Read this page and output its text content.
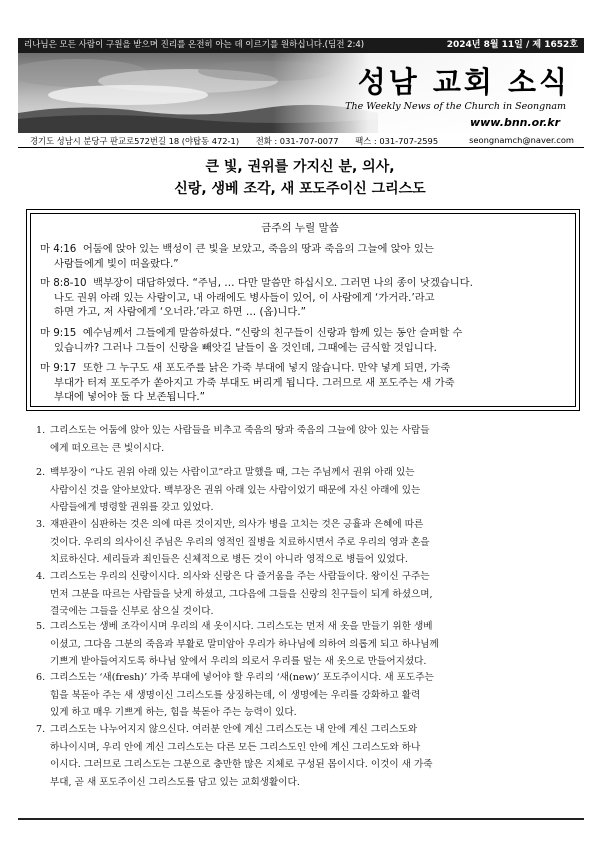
리나님은 모든 사람이 구원을 받으며 진리를 온전히 아는 데 이르기를 원하십니다.(딤전 2:4)	2024년 8월 11일 / 제 1652호
성남 교회 소식
The Weekly News of the Church in Seongnam
www.bnn.or.kr
경기도 성남시 분당구 판교로572번길 18 (야탑동 472-1) 전화 : 031-707-0077 팩스 : 031-707-2595	seongnamch@naver.com
큰 빛, 권위를 가지신 분, 의사,
신랑, 생베 조각, 새 포도주이신 그리스도
금주의 누릴 말씀
마 4:16 어둠에 앉아 있는 백성이 큰 빛을 보았고, 죽음의 땅과 죽음의 그늘에 앉아 있는
사람들에게 빛이 떠올랐다.”
마 8:8-10 백부장이 대답하였다. “주님, … 다만 말씀만 하십시오. 그러면 나의 종이 낫겠습니다.
나도 권위 아래 있는 사람이고, 내 아래에도 병사들이 있어, 이 사람에게 ‘가거라.’라고
하면 가고, 저 사람에게 ‘오너라.’라고 하면 … (옵)니다.”
마 9:15 예수님께서 그들에게 말씀하셨다. “신랑의 친구들이 신랑과 함께 있는 동안 슬퍼할 수
있습니까? 그러나 그들이 신랑을 빼앗길 날들이 올 것인데, 그때에는 금식할 것입니다.
마 9:17 또한 그 누구도 새 포도주를 낡은 가죽 부대에 넣지 않습니다. 만약 넣게 되면, 가죽
부대가 터져 포도주가 쏟아지고 가죽 부대도 버리게 됩니다. 그러므로 새 포도주는 새 가죽
부대에 넣어야 둘 다 보존됩니다.”
1. 그리스도는 어둠에 앉아 있는 사람들을 비추고 죽음의 땅과 죽음의 그늘에 앉아 있는 사람들
에게 떠오르는 큰 빛이시다.
2. 백부장이 “나도 권위 아래 있는 사람이고”라고 말했을 때, 그는 주님께서 권위 아래 있는
사람이신 것을 알아보았다. 백부장은 권위 아래 있는 사람이었기 때문에 자신 아래에 있는
사람들에게 명령할 권위를 갖고 있었다.
3. 재판관이 심판하는 것은 의에 따른 것이지만, 의사가 병을 고치는 것은 긍휼과 은혜에 따른
것이다. 우리의 의사이신 주님은 우리의 영적인 질병을 치료하시면서 주로 우리의 영과 혼을
치료하신다. 세리들과 죄인들은 신체적으로 병든 것이 아니라 영적으로 병들어 있었다.
4. 그리스도는 우리의 신랑이시다. 의사와 신랑은 다 즐거움을 주는 사람들이다. 왕이신 구주는
먼저 그분을 따르는 사람들을 낫게 하셨고, 그다음에 그들을 신랑의 친구들이 되게 하셨으며,
결국에는 그들을 신부로 삼으실 것이다.
5. 그리스도는 생베 조각이시며 우리의 새 옷이시다. 그리스도는 먼저 새 옷을 만들기 위한 생베
이셨고, 그다음 그분의 죽음과 부활로 말미암아 우리가 하나님에 의하여 의롭게 되고 하나님께
기쁘게 받아들여지도록 하나님 앞에서 우리의 의로서 우리를 덮는 새 옷으로 만들어지셨다.
6. 그리스도는 ‘새(fresh)’ 가죽 부대에 넣어야 할 우리의 ‘새(new)’ 포도주이시다. 새 포도주는
힘을 북돋아 주는 새 생명이신 그리스도를 상징하는데, 이 생명에는 우리를 강화하고 활력
있게 하고 매우 기쁘게 하는, 힘을 북돋아 주는 능력이 있다.
7. 그리스도는 나누어지지 않으신다. 여러분 안에 계신 그리스도는 내 안에 계신 그리스도와
하나이시며, 우리 안에 계신 그리스도는 다른 모든 그리스도인 안에 계신 그리스도와 하나
이시다. 그러므로 그리스도는 그분으로 충만한 많은 지체로 구성된 몸이시다. 이것이 새 가죽
부대, 곧 새 포도주이신 그리스도를 담고 있는 교회생활이다.
